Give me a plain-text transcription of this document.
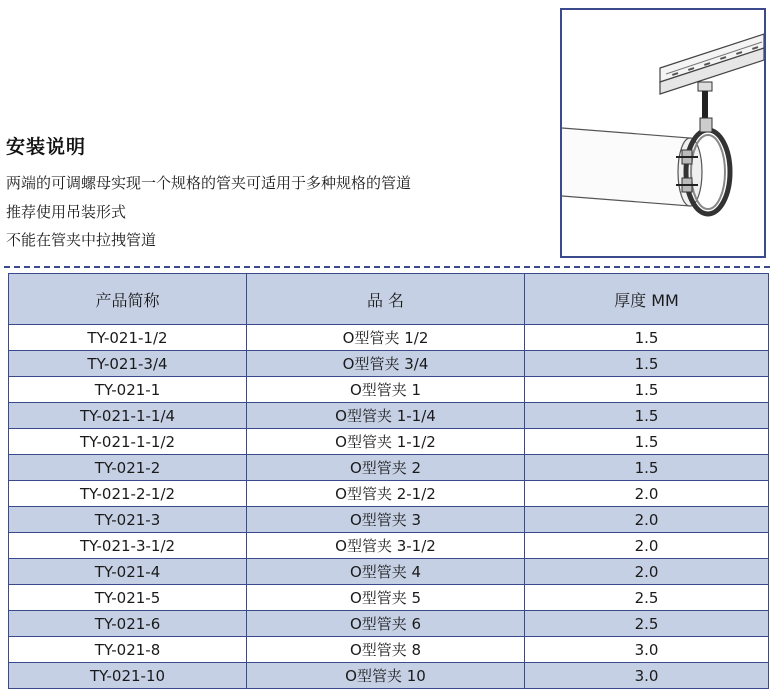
安装说明
两端的可调螺母实现一个规格的管夹可适用于多种规格的管道
推荐使用吊装形式
不能在管夹中拉拽管道
产品简称	品 名	厚度 MM
TY-021-1/2	O型管夹 1/2	1.5
TY-021-3/4	O型管夹 3/4	1.5
TY-021-1	O型管夹 1	1.5
TY-021-1-1/4	O型管夹 1-1/4	1.5
TY-021-1-1/2	O型管夹 1-1/2	1.5
TY-021-2	O型管夹 2	1.5
TY-021-2-1/2	O型管夹 2-1/2	2.0
TY-021-3	O型管夹 3	2.0
TY-021-3-1/2	O型管夹 3-1/2	2.0
TY-021-4	O型管夹 4	2.0
TY-021-5	O型管夹 5	2.5
TY-021-6	O型管夹 6	2.5
TY-021-8	O型管夹 8	3.0
TY-021-10	O型管夹 10	3.0
